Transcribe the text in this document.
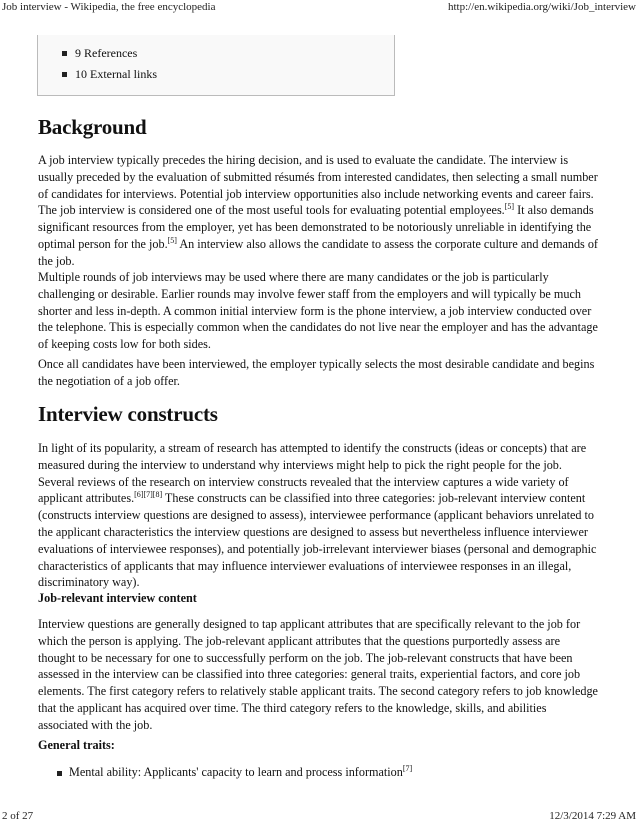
Job interview - Wikipedia, the free encyclopedia	http://en.wikipedia.org/wiki/Job_interview
9 References
10 External links
Background

A job interview typically precedes the hiring decision, and is used to evaluate the candidate. The interview is usually preceded by the evaluation of submitted résumés from interested candidates, then selecting a small number of candidates for interviews. Potential job interview opportunities also include networking events and career fairs. The job interview is considered one of the most useful tools for evaluating potential employees.[5] It also demands significant resources from the employer, yet has been demonstrated to be notoriously unreliable in identifying the optimal person for the job.[5] An interview also allows the candidate to assess the corporate culture and demands of the job.

Multiple rounds of job interviews may be used where there are many candidates or the job is particularly challenging or desirable. Earlier rounds may involve fewer staff from the employers and will typically be much shorter and less in-depth. A common initial interview form is the phone interview, a job interview conducted over the telephone. This is especially common when the candidates do not live near the employer and has the advantage of keeping costs low for both sides.

Once all candidates have been interviewed, the employer typically selects the most desirable candidate and begins the negotiation of a job offer.

Interview constructs

In light of its popularity, a stream of research has attempted to identify the constructs (ideas or concepts) that are measured during the interview to understand why interviews might help to pick the right people for the job. Several reviews of the research on interview constructs revealed that the interview captures a wide variety of applicant attributes.[6][7][8] These constructs can be classified into three categories: job-relevant interview content (constructs interview questions are designed to assess), interviewee performance (applicant behaviors unrelated to the applicant characteristics the interview questions are designed to assess but nevertheless influence interviewer evaluations of interviewee responses), and potentially job-irrelevant interviewer biases (personal and demographic characteristics of applicants that may influence interviewer evaluations of interviewee responses in an illegal, discriminatory way).

Job-relevant interview content

Interview questions are generally designed to tap applicant attributes that are specifically relevant to the job for which the person is applying. The job-relevant applicant attributes that the questions purportedly assess are thought to be necessary for one to successfully perform on the job. The job-relevant constructs that have been assessed in the interview can be classified into three categories: general traits, experiential factors, and core job elements. The first category refers to relatively stable applicant traits. The second category refers to job knowledge that the applicant has acquired over time. The third category refers to the knowledge, skills, and abilities associated with the job.

General traits:

Mental ability: Applicants' capacity to learn and process information[7]
2 of 27	12/3/2014 7:29 AM
